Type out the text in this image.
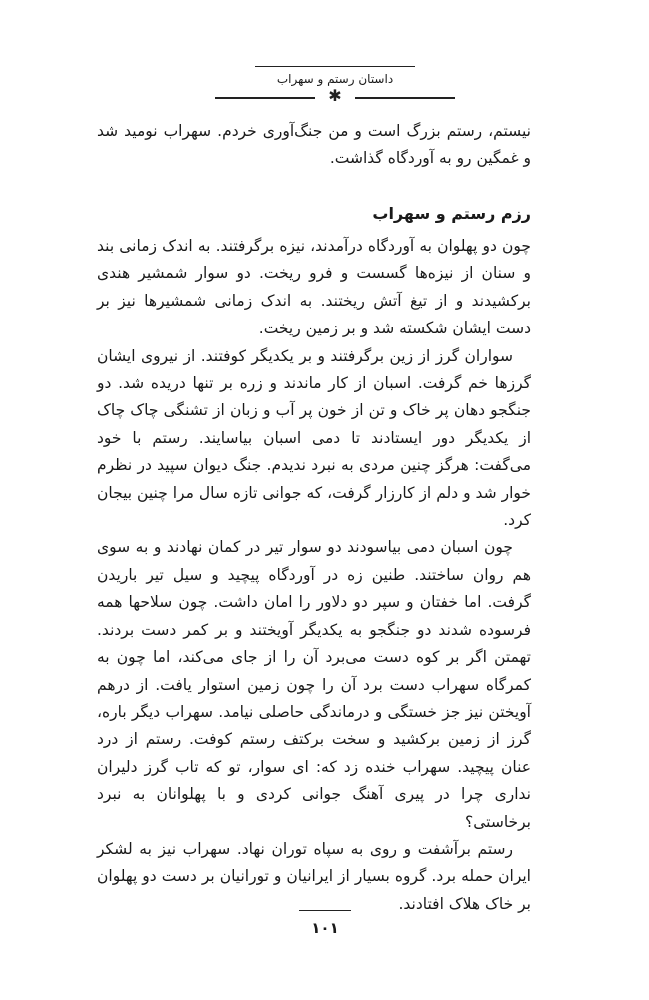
داستان رستم و سهراب
✱

نیستم، رستم بزرگ است و من جنگ‌آوری خردم. سهراب نومید شد و غمگین رو به آوردگاه گذاشت.

رزم رستم و سهراب

چون دو پهلوان به آوردگاه درآمدند، نیزه برگرفتند. به اندک زمانی بند و سنان از نیزه‌ها گسست و فرو ریخت. دو سوار شمشیر هندی برکشیدند و از تیغ آتش ریختند. به اندک زمانی شمشیرها نیز بر دست ایشان شکسته شد و بر زمین ریخت.

سواران گرز از زین برگرفتند و بر یکدیگر کوفتند. از نیروی ایشان گرزها خم گرفت. اسبان از کار ماندند و زره بر تنها دریده شد. دو جنگجو دهان پر خاک و تن از خون پر آب و زبان از تشنگی چاک چاک از یکدیگر دور ایستادند تا دمی اسبان بیاسایند. رستم با خود می‌گفت: هرگز چنین مردی به نبرد ندیدم. جنگ دیوان سپید در نظرم خوار شد و دلم از کارزار گرفت، که جوانی تازه سال مرا چنین بیجان کرد.

چون اسبان دمی بیاسودند دو سوار تیر در کمان نهادند و به سوی هم روان ساختند. طنین زه در آوردگاه پیچید و سیل تیر باریدن گرفت. اما خفتان و سپر دو دلاور را امان داشت. چون سلاحها همه فرسوده شدند دو جنگجو به یکدیگر آویختند و بر کمر دست بردند. تهمتن اگر بر کوه دست می‌برد آن را از جای می‌کند، اما چون به کمرگاه سهراب دست برد آن را چون زمین استوار یافت. از درهم آویختن نیز جز خستگی و درماندگی حاصلی نیامد. سهراب دیگر باره، گرز از زمین برکشید و سخت برکتف رستم کوفت. رستم از درد عنان پیچید. سهراب خنده زد که: ای سوار، تو که تاب گرز دلیران نداری چرا در پیری آهنگ جوانی کردی و با پهلوانان به نبرد برخاستی؟

رستم برآشفت و روی به سپاه توران نهاد. سهراب نیز به لشکر ایران حمله برد. گروه بسیار از ایرانیان و تورانیان بر دست دو پهلوان بر خاک هلاک افتادند.

۱۰۱
